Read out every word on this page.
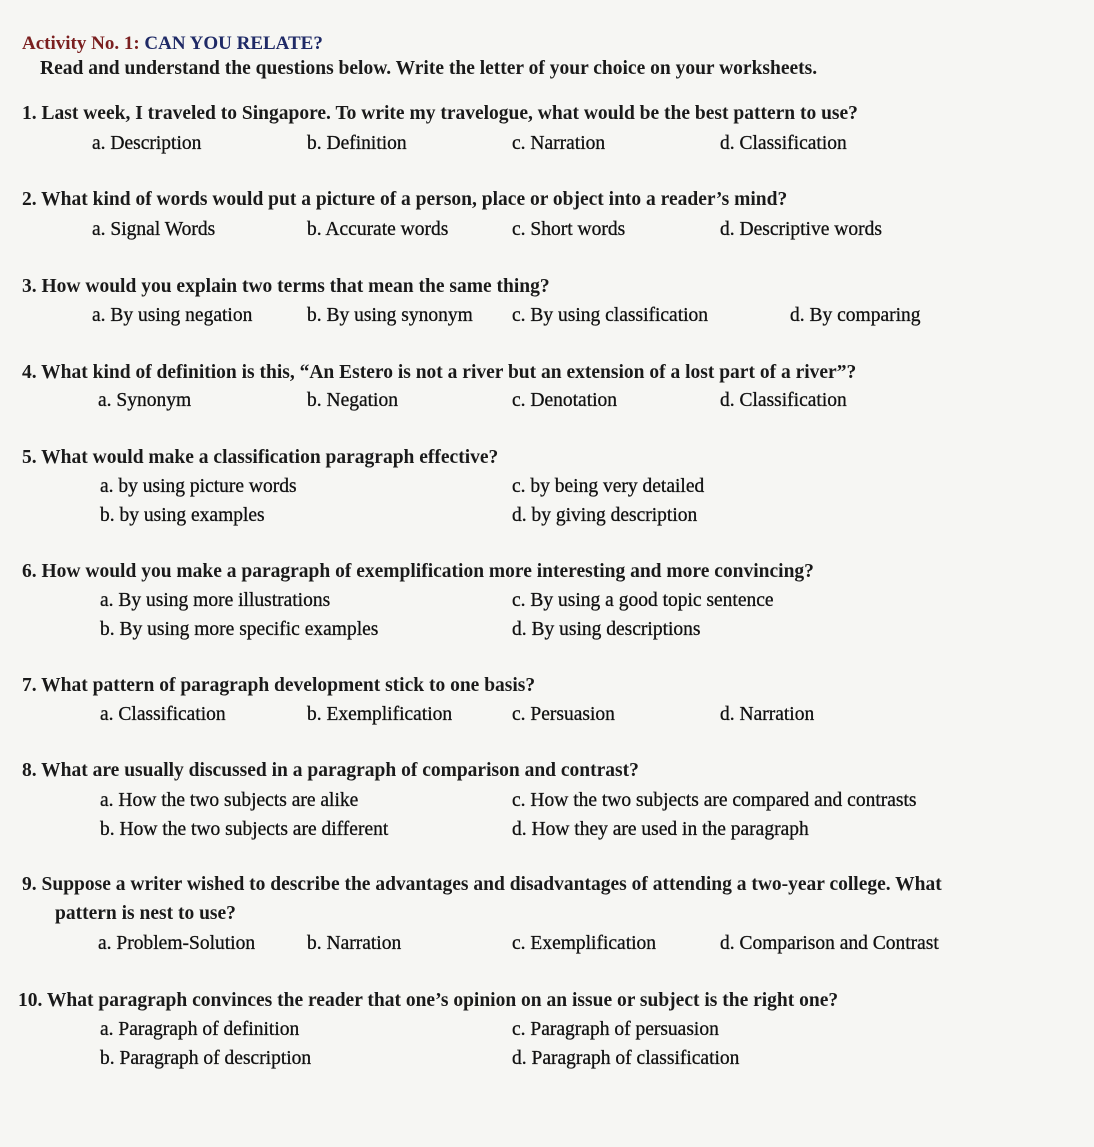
Activity No. 1: CAN YOU RELATE?
Read and understand the questions below. Write the letter of your choice on your worksheets.
1. Last week, I traveled to Singapore. To write my travelogue, what would be the best pattern to use?
a. Description	b. Definition	c. Narration	d. Classification
2. What kind of words would put a picture of a person, place or object into a reader’s mind?
a. Signal Words	b. Accurate words	c. Short words	d. Descriptive words
3. How would you explain two terms that mean the same thing?
a. By using negation	b. By using synonym c. By using classification	d. By comparing
4. What kind of definition is this, “An Estero is not a river but an extension of a lost part of a river”?
a. Synonym	b. Negation	c. Denotation	d. Classification
5. What would make a classification paragraph effective?
a. by using picture words
b. by using examples
c. by being very detailed
d. by giving description
6. How would you make a paragraph of exemplification more interesting and more convincing?
a. By using more illustrations
b. By using more specific examples
c. By using a good topic sentence
d. By using descriptions
7. What pattern of paragraph development stick to one basis?
a. Classification	b. Exemplification	c. Persuasion	d. Narration
8. What are usually discussed in a paragraph of comparison and contrast?
a. How the two subjects are alike
b. How the two subjects are different
c. How the two subjects are compared and contrasts
d. How they are used in the paragraph
9. Suppose a writer wished to describe the advantages and disadvantages of attending a two-year college. What
pattern is nest to use?
a. Problem-Solution	b. Narration	c. Exemplification	d. Comparison and Contrast
10. What paragraph convinces the reader that one’s opinion on an issue or subject is the right one?
a. Paragraph of definition
b. Paragraph of description
c. Paragraph of persuasion
d. Paragraph of classification
